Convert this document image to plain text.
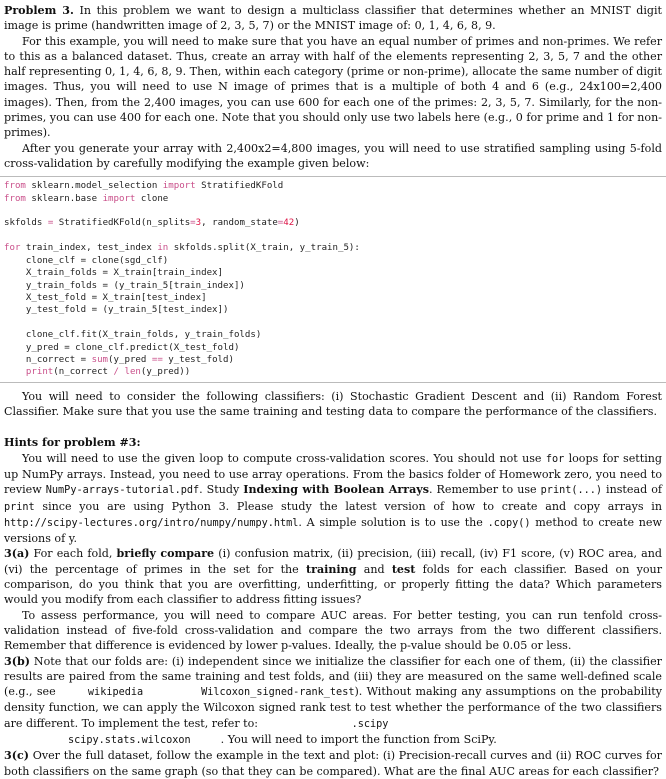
Problem 3. In this problem we want to design a multiclass classifier that determines whether an MNIST digit image is prime (handwritten image of 2, 3, 5, 7) or the MNIST image of: 0, 1, 4, 6, 8, 9.

For this example, you will need to make sure that you have an equal number of primes and non-primes. We refer to this as a balanced dataset. Thus, create an array with half of the elements representing 2, 3, 5, 7 and the other half representing 0, 1, 4, 6, 8, 9. Then, within each category (prime or non-prime), allocate the same number of digit images. Thus, you will need to use N image of primes that is a multiple of both 4 and 6 (e.g., 24x100=2,400 images). Then, from the 2,400 images, you can use 600 for each one of the primes: 2, 3, 5, 7. Similarly, for the non-primes, you can use 400 for each one. Note that you should only use two labels here (e.g., 0 for prime and 1 for non-primes).

After you generate your array with 2,400x2=4,800 images, you will need to use stratified sampling using 5-fold cross-validation by carefully modifying the example given below:

from sklearn.model_selection import StratifiedKFold
from sklearn.base import clone

skfolds = StratifiedKFold(n_splits=3, random_state=42)

for train_index, test_index in skfolds.split(X_train, y_train_5):
clone_clf = clone(sgd_clf)
X_train_folds = X_train[train_index]
y_train_folds = (y_train_5[train_index])
X_test_fold = X_train[test_index]
y_test_fold = (y_train_5[test_index])

clone_clf.fit(X_train_folds, y_train_folds)
y_pred = clone_clf.predict(X_test_fold)
n_correct = sum(y_pred == y_test_fold)
print(n_correct / len(y_pred))

You will need to consider the following classifiers: (i) Stochastic Gradient Descent and (ii) Random Forest Classifier. Make sure that you use the same training and testing data to compare the performance of the classifiers.

Hints for problem #3:

You will need to use the given loop to compute cross-validation scores. You should not use for loops for setting up NumPy arrays. Instead, you need to use array operations. From the basics folder of Homework zero, you need to review NumPy-arrays-tutorial.pdf. Study Indexing with Boolean Arrays. Remember to use print(...) instead of print since you are using Python 3. Please study the latest version of how to create and copy arrays in http://scipy-lectures.org/intro/numpy/numpy.html. A simple solution is to use the .copy() method to create new versions of y.

3(a) For each fold, briefly compare (i) confusion matrix, (ii) precision, (iii) recall, (iv) F1 score, (v) ROC area, and (vi) the percentage of primes in the set for the training and test folds for each classifier. Based on your comparison, do you think that you are overfitting, underfitting, or properly fitting the data? Which parameters would you modify from each classifier to address fitting issues?

To assess performance, you will need to compare AUC areas. For better testing, you can run tenfold cross-validation instead of five-fold cross-validation and compare the two arrays from the two different classifiers. Remember that difference is evidenced by lower p-values. Ideally, the p-value should be 0.05 or less.

3(b) Note that our folds are: (i) independent since we initialize the classifier for each one of them, (ii) the classifier results are paired from the same training and test folds, and (iii) they are measured on the same well-defined scale (e.g., see	wikipedia	Wilcoxon_signed-rank_test). Without making any assumptions on the probability density function, we can apply the Wilcoxon signed rank test to test whether the performance of the two classifiers are different. To implement the test, refer to:	.scipy
scipy.stats.wilcoxon	. You will need to import the function from SciPy.

3(c) Over the full dataset, follow the example in the text and plot: (i) Precision-recall curves and (ii) ROC curves for both classifiers on the same graph (so that they can be compared). What are the final AUC areas for each classifier?
